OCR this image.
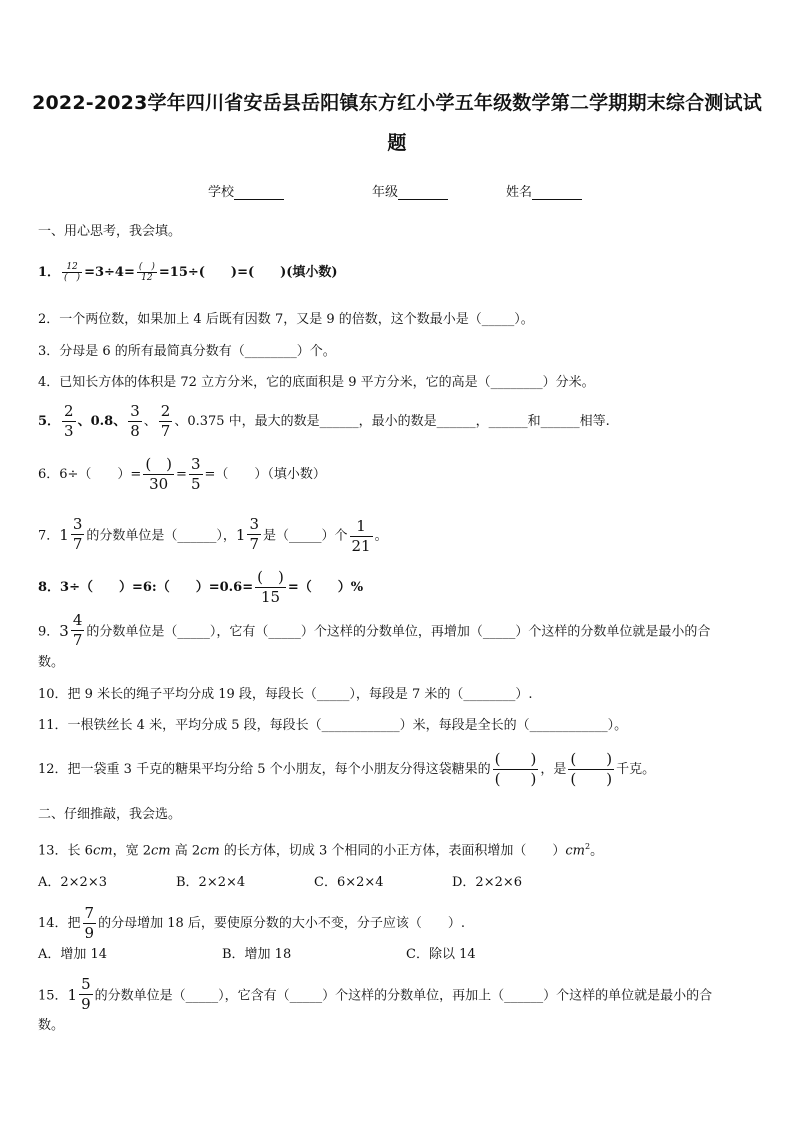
2022-2023学年四川省安岳县岳阳镇东方红小学五年级数学第二学期期末综合测试试
题
学校	年级	姓名
一、用心思考，我会填。
1． $\frac{12}{( )} =3\div 4= \frac{( )}{12} =15\div$(　　)=(　　)(填小数)
2．一个两位数，如果加上 4 后既有因数 7，又是 9 的倍数，这个数最小是（_____）。
3．分母是 6 的所有最简真分数有（________）个。
4．已知长方体的体积是 72 立方分米，它的底面积是 9 平方分米，它的高是（________）分米。
5． $\frac{2}{3}$ 、0.8、 $\frac{3}{8}$ 、 $\frac{2}{7}$ 、0.375 中，最大的数是______，最小的数是______，______和______相等.
6．6÷（　　）= $\frac{( )}{30} = \frac{3}{5}$ =（　　）（填小数）
7． $1 \frac{3}{7}$ 的分数单位是（______）， $1 \frac{3}{7}$ 是（_____）个 $\frac{1}{21}$ 。
8．3÷（　　）=6:（　　）$=0.6= \frac{( )}{15}$ =（　　）%
9． $3 \frac{4}{7}$ 的分数单位是（_____），它有（_____）个这样的分数单位，再增加（_____）个这样的分数单位就是最小的合
数。
10．把 9 米长的绳子平均分成 19 段，每段长（_____），每段是 7 米的（________）.
11．一根铁丝长 4 米，平均分成 5 段，每段长（____________）米，每段是全长的（____________）。
12．把一袋重 3 千克的糖果平均分给 5 个小朋友，每个小朋友分得这袋糖果的 $\frac{( )}{( )}$ ，是 $\frac{( )}{( )}$ 千克。
二、仔细推敲，我会选。
13．长 6cm，宽 2cm 高 2cm 的长方体，切成 3 个相同的小正方体，表面积增加（　　）$cm^2$。
A．2×2×3	B．2×2×4	C．6×2×4	D．2×2×6
14．把 $\frac{7}{9}$ 的分母增加 18 后，要使原分数的大小不变，分子应该（　　）.
A．增加 14	B．增加 18	C．除以 14
15． $1 \frac{5}{9}$ 的分数单位是（_____），它含有（_____）个这样的分数单位，再加上（______）个这样的单位就是最小的合
数。
